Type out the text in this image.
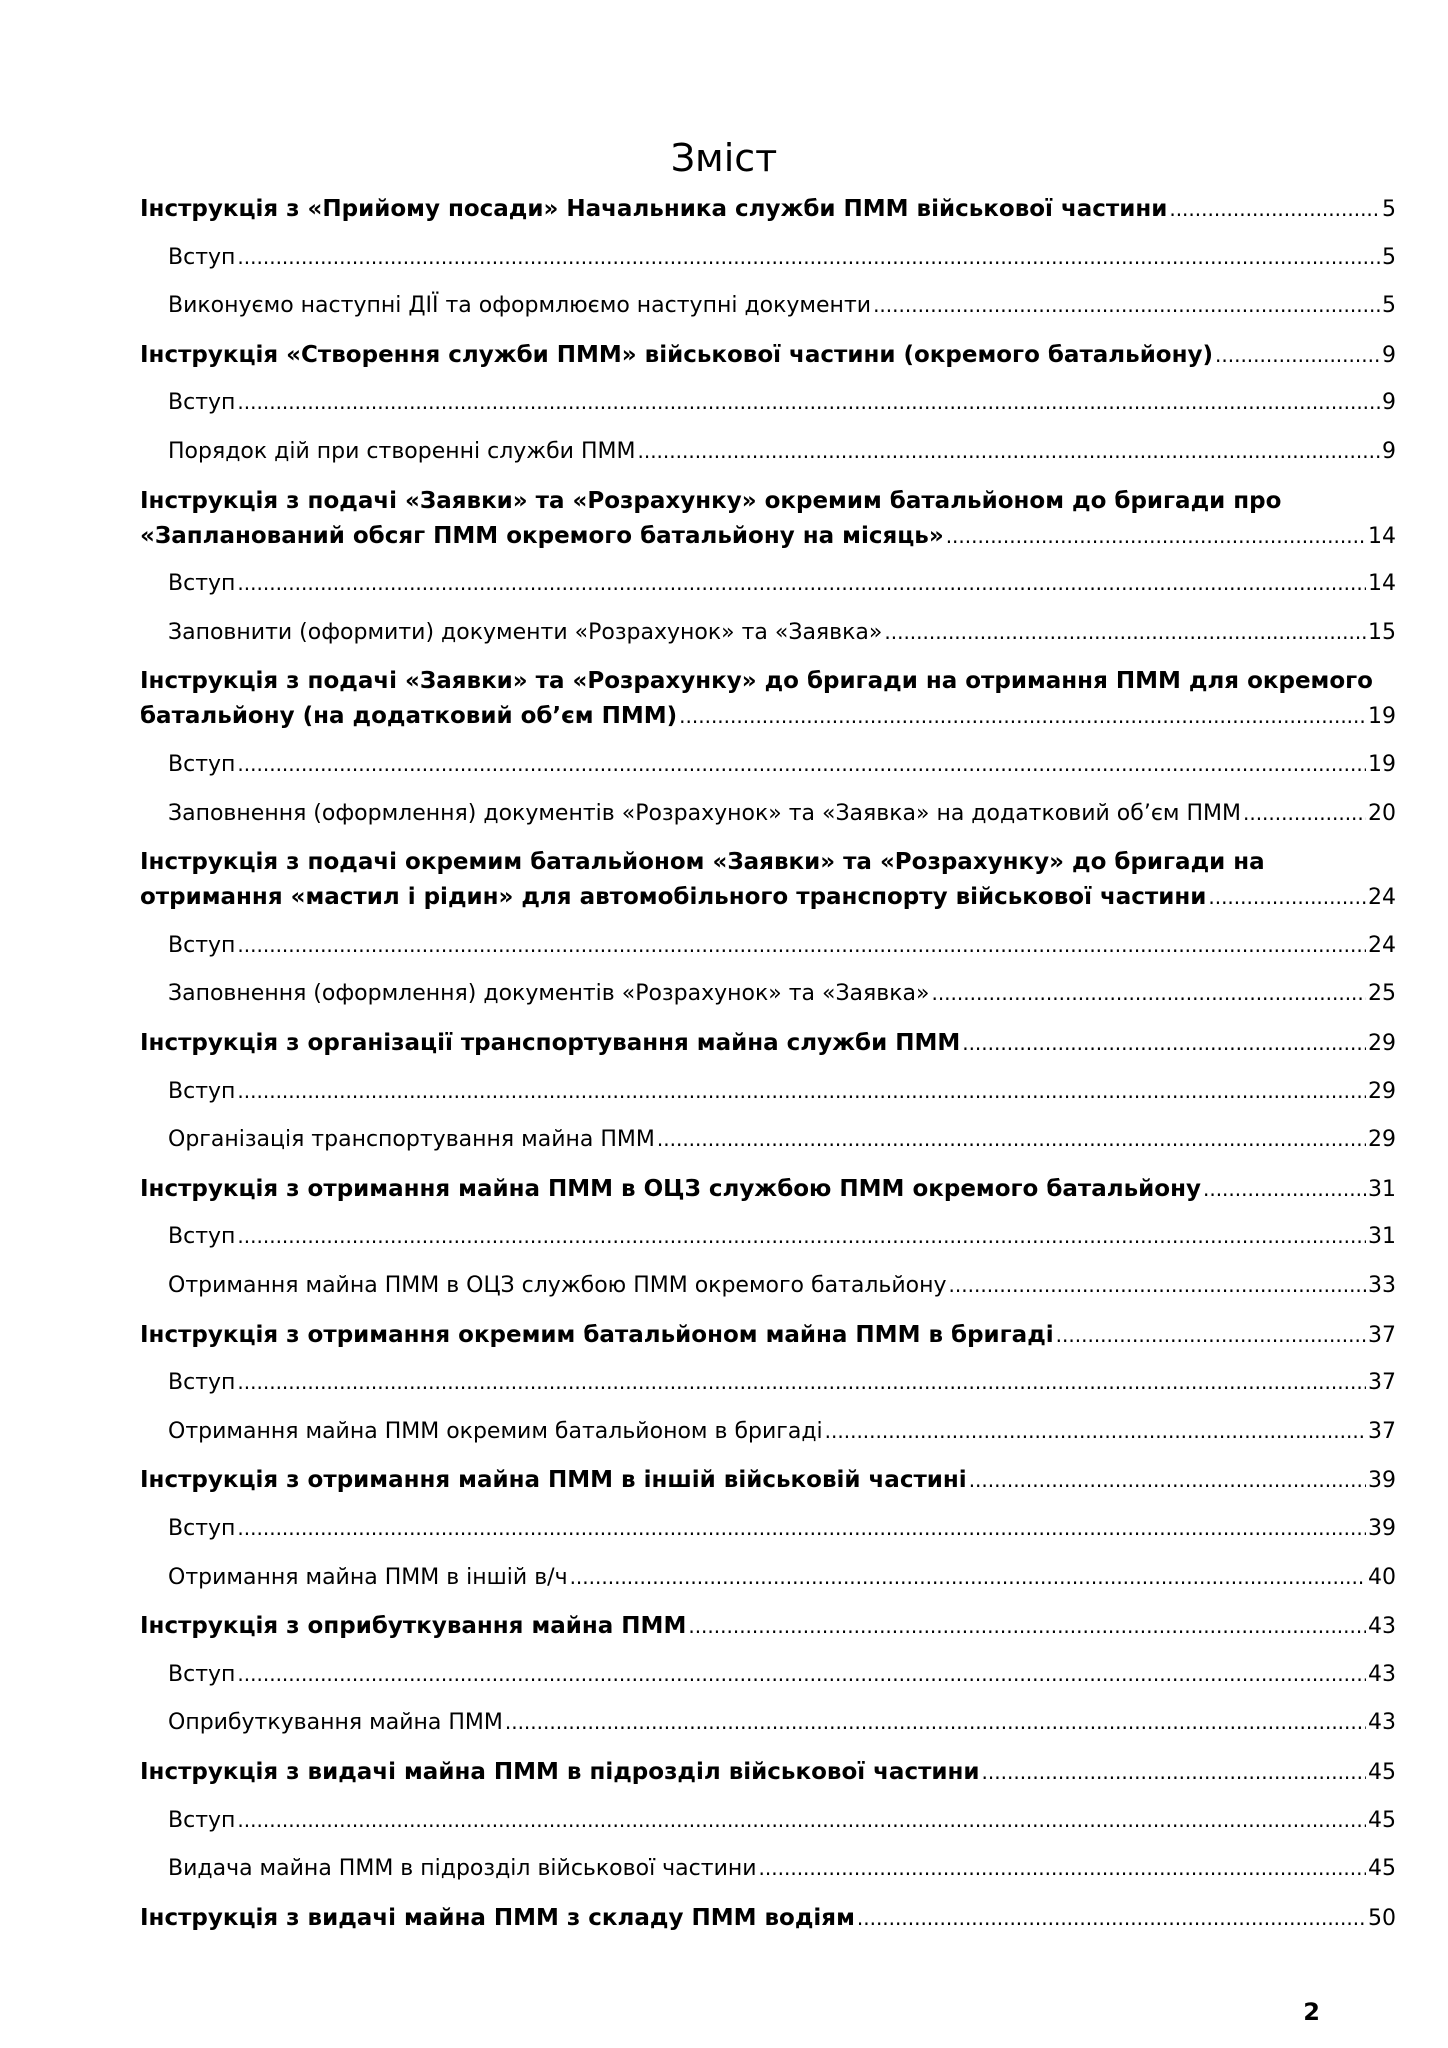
Зміст
Інструкція з «Прийому посади» Начальника служби ПММ військової частини .....	5
Вступ .....	5
Виконуємо наступні ДІЇ та оформлюємо наступні документи .....	5
Інструкція «Створення служби ПММ» військової частини (окремого батальйону) .....	9
Вступ .....	9
Порядок дій при створенні служби ПММ .....	9
Інструкція з подачі «Заявки» та «Розрахунку» окремим батальйоном до бригади про
«Запланований обсяг ПММ окремого батальйону на місяць» .....	14
Вступ .....	14
Заповнити (оформити) документи «Розрахунок» та «Заявка» .....	15
Інструкція з подачі «Заявки» та «Розрахунку» до бригади на отримання ПММ для окремого
батальйону (на додатковий об’єм ПММ) .....	19
Вступ .....	19
Заповнення (оформлення) документів «Розрахунок» та «Заявка» на додатковий об’єм ПММ .....	20
Інструкція з подачі окремим батальйоном «Заявки» та «Розрахунку» до бригади на
отримання «мастил і рідин» для автомобільного транспорту військової частини .....	24
Вступ .....	24
Заповнення (оформлення) документів «Розрахунок» та «Заявка» .....	25
Інструкція з організації транспортування майна служби ПММ .....	29
Вступ .....	29
Організація транспортування майна ПММ .....	29
Інструкція з отримання майна ПММ в ОЦЗ службою ПММ окремого батальйону .....	31
Вступ .....	31
Отримання майна ПММ в ОЦЗ службою ПММ окремого батальйону .....	33
Інструкція з отримання окремим батальйоном майна ПММ в бригаді .....	37
Вступ .....	37
Отримання майна ПММ окремим батальйоном в бригаді .....	37
Інструкція з отримання майна ПММ в іншій військовій частині .....	39
Вступ .....	39
Отримання майна ПММ в іншій в/ч .....	40
Інструкція з оприбуткування майна ПММ .....	43
Вступ .....	43
Оприбуткування майна ПММ .....	43
Інструкція з видачі майна ПММ в підрозділ військової частини .....	45
Вступ .....	45
Видача майна ПММ в підрозділ військової частини .....	45
Інструкція з видачі майна ПММ з складу ПММ водіям .....	50
2
